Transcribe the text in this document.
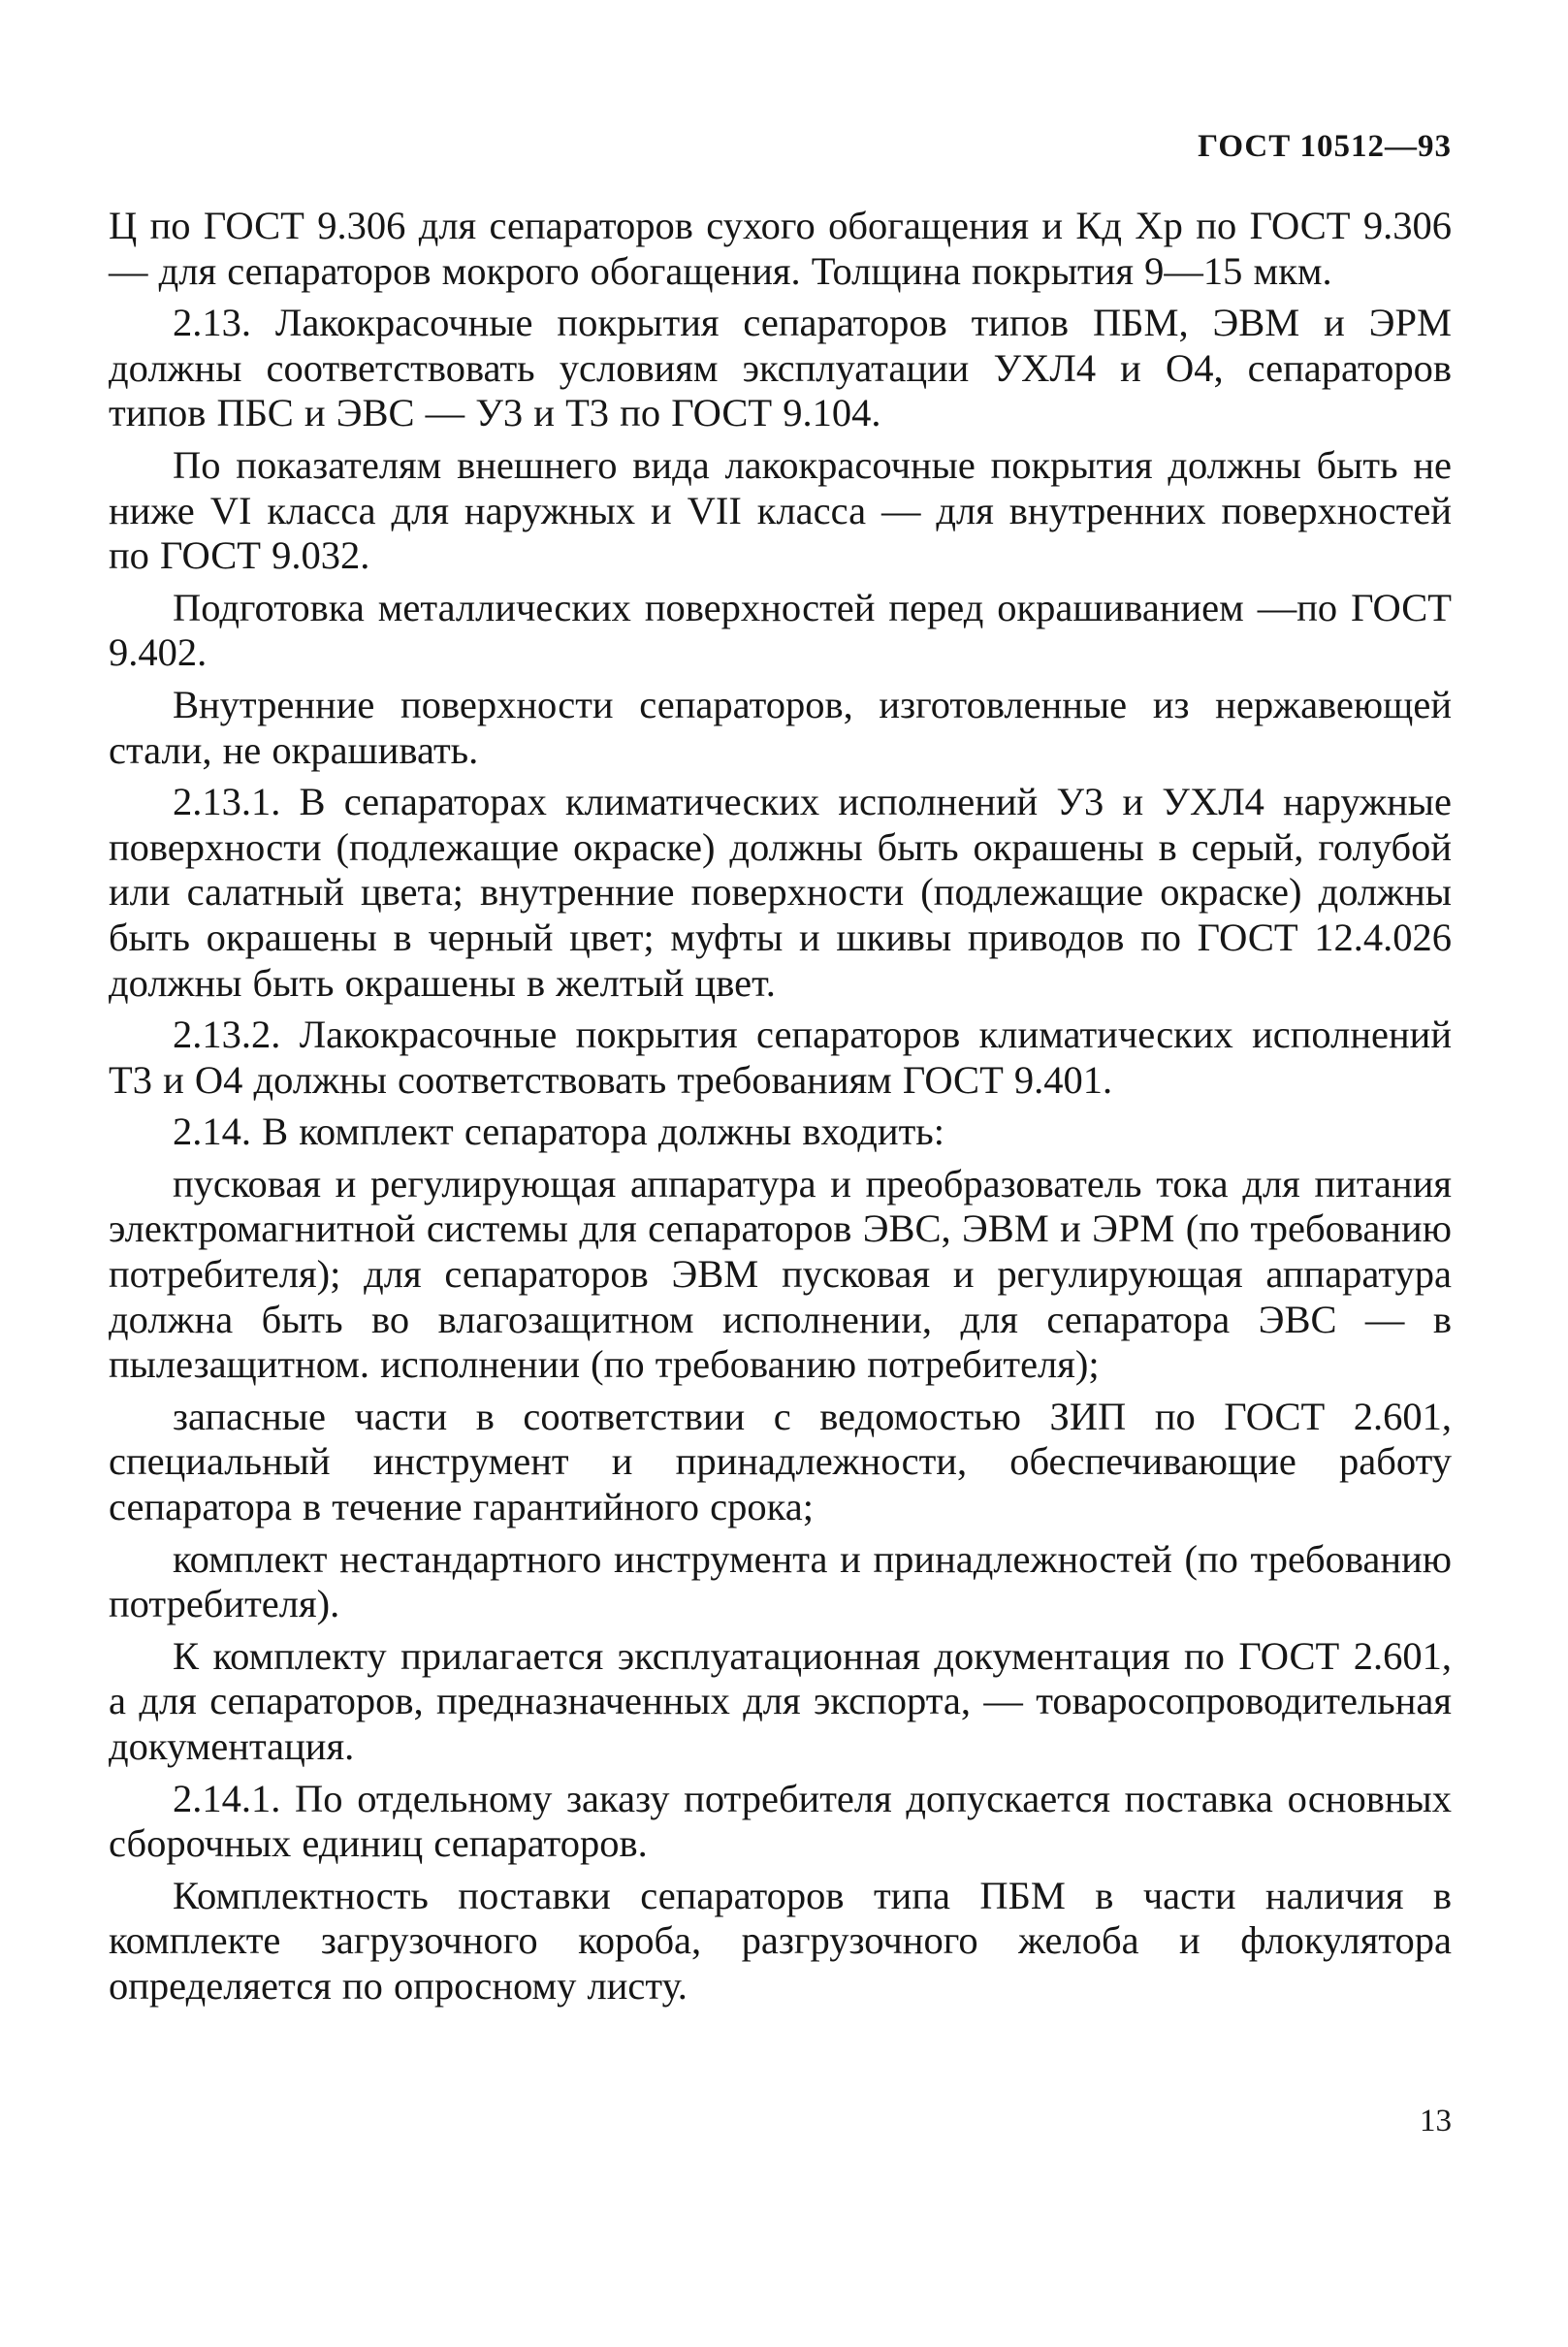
ГОСТ 10512—93

Ц по ГОСТ 9.306 для сепараторов сухого обогащения и Кд Хр по ГОСТ 9.306 — для сепараторов мокрого обогащения. Толщина покрытия 9—15 мкм.

2.13. Лакокрасочные покрытия сепараторов типов ПБМ, ЭВМ и ЭРМ должны соответствовать условиям эксплуатации УХЛ4 и О4, сепараторов типов ПБС и ЭВС — У3 и Т3 по ГОСТ 9.104.

По показателям внешнего вида лакокрасочные покрытия должны быть не ниже VI класса для наружных и VII класса — для внутренних поверхностей по ГОСТ 9.032.

Подготовка металлических поверхностей перед окрашиванием —по ГОСТ 9.402.

Внутренние поверхности сепараторов, изготовленные из нержавеющей стали, не окрашивать.

2.13.1. В сепараторах климатических исполнений У3 и УХЛ4 наружные поверхности (подлежащие окраске) должны быть окрашены в серый, голубой или салатный цвета; внутренние поверхности (подлежащие окраске) должны быть окрашены в черный цвет; муфты и шкивы приводов по ГОСТ 12.4.026 должны быть окрашены в желтый цвет.

2.13.2. Лакокрасочные покрытия сепараторов климатических исполнений Т3 и О4 должны соответствовать требованиям ГОСТ 9.401.

2.14. В комплект сепаратора должны входить:

пусковая и регулирующая аппаратура и преобразователь тока для питания электромагнитной системы для сепараторов ЭВС, ЭВМ и ЭРМ (по требованию потребителя); для сепараторов ЭВМ пусковая и регулирующая аппаратура должна быть во влагозащитном исполнении, для сепаратора ЭВС — в пылезащитном. исполнении (по требованию потребителя);

запасные части в соответствии с ведомостью ЗИП по ГОСТ 2.601, специальный инструмент и принадлежности, обеспечивающие работу сепаратора в течение гарантийного срока;

комплект нестандартного инструмента и принадлежностей (по требованию потребителя).

К комплекту прилагается эксплуатационная документация по ГОСТ 2.601, а для сепараторов, предназначенных для экспорта, — товаросопроводительная документация.

2.14.1. По отдельному заказу потребителя допускается поставка основных сборочных единиц сепараторов.

Комплектность поставки сепараторов типа ПБМ в части наличия в комплекте загрузочного короба, разгрузочного желоба и флокулятора определяется по опросному листу.

13
